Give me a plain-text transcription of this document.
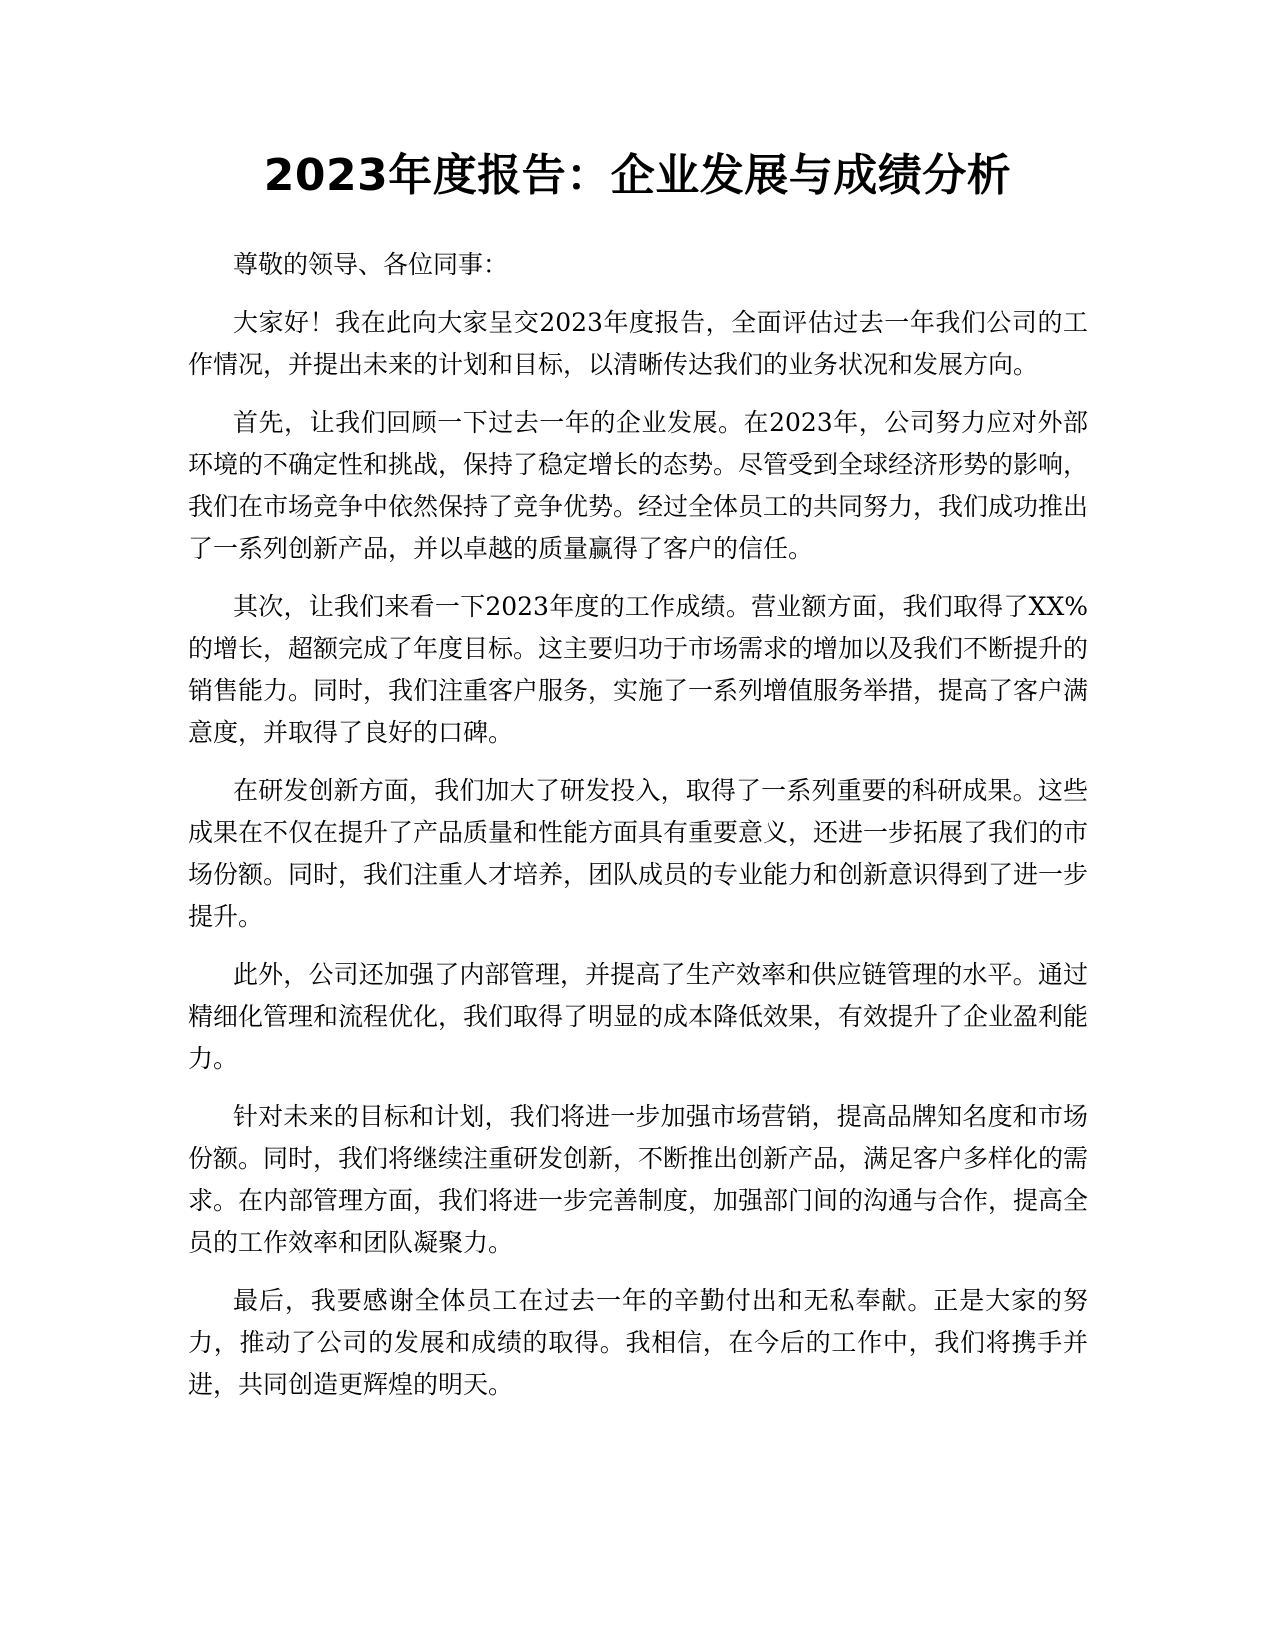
2023年度报告：企业发展与成绩分析

尊敬的领导、各位同事：

大家好！我在此向大家呈交2023年度报告，全面评估过去一年我们公司的工作情况，并提出未来的计划和目标，以清晰传达我们的业务状况和发展方向。

首先，让我们回顾一下过去一年的企业发展。在2023年，公司努力应对外部环境的不确定性和挑战，保持了稳定增长的态势。尽管受到全球经济形势的影响，我们在市场竞争中依然保持了竞争优势。经过全体员工的共同努力，我们成功推出了一系列创新产品，并以卓越的质量赢得了客户的信任。

其次，让我们来看一下2023年度的工作成绩。营业额方面，我们取得了XX%的增长，超额完成了年度目标。这主要归功于市场需求的增加以及我们不断提升的销售能力。同时，我们注重客户服务，实施了一系列增值服务举措，提高了客户满意度，并取得了良好的口碑。

在研发创新方面，我们加大了研发投入，取得了一系列重要的科研成果。这些成果在不仅在提升了产品质量和性能方面具有重要意义，还进一步拓展了我们的市场份额。同时，我们注重人才培养，团队成员的专业能力和创新意识得到了进一步提升。

此外，公司还加强了内部管理，并提高了生产效率和供应链管理的水平。通过精细化管理和流程优化，我们取得了明显的成本降低效果，有效提升了企业盈利能力。

针对未来的目标和计划，我们将进一步加强市场营销，提高品牌知名度和市场份额。同时，我们将继续注重研发创新，不断推出创新产品，满足客户多样化的需求。在内部管理方面，我们将进一步完善制度，加强部门间的沟通与合作，提高全员的工作效率和团队凝聚力。

最后，我要感谢全体员工在过去一年的辛勤付出和无私奉献。正是大家的努力，推动了公司的发展和成绩的取得。我相信，在今后的工作中，我们将携手并进，共同创造更辉煌的明天。
